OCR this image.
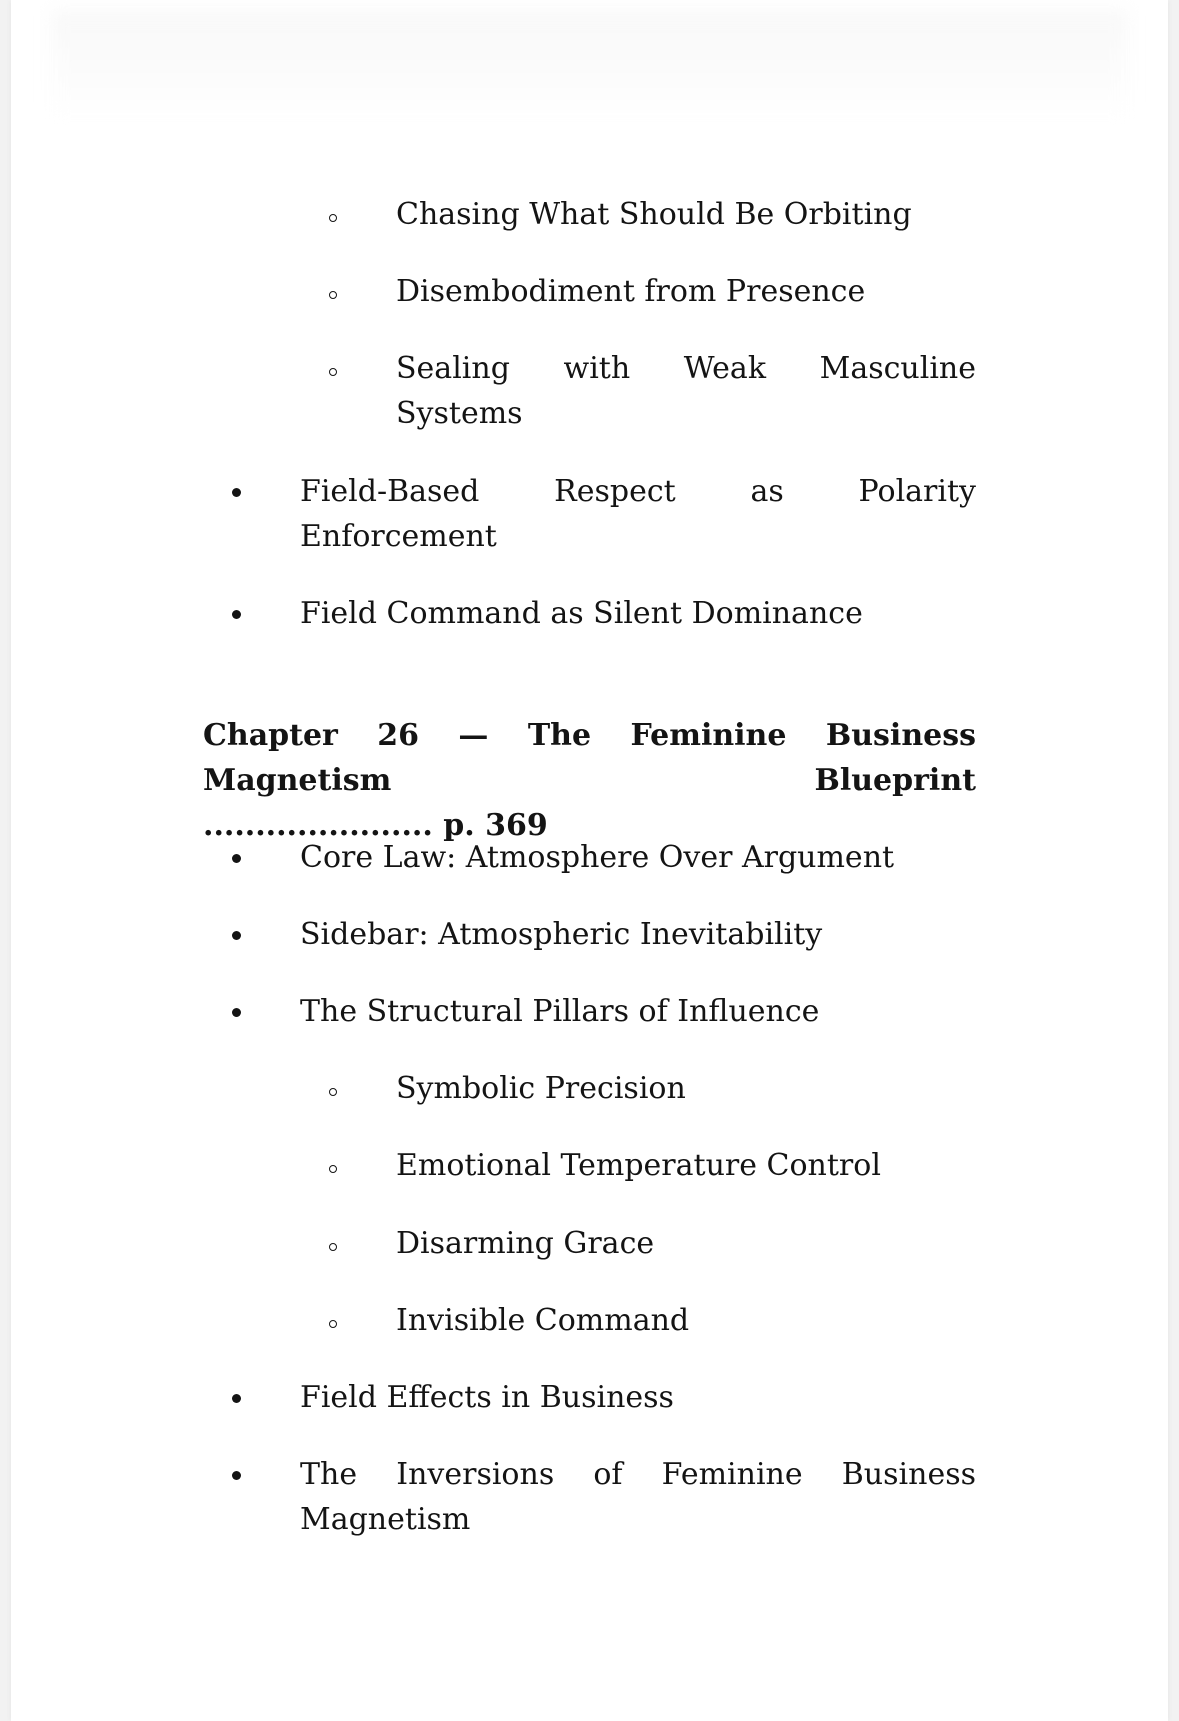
Chasing What Should Be Orbiting
Disembodiment from Presence
Sealing with Weak Masculine Systems
Field-Based Respect as Polarity Enforcement
Field Command as Silent Dominance
Chapter 26 — The Feminine Business Magnetism Blueprint
...................... p. 369
Core Law: Atmosphere Over Argument
Sidebar: Atmospheric Inevitability
The Structural Pillars of Influence
Symbolic Precision
Emotional Temperature Control
Disarming Grace
Invisible Command
Field Effects in Business
The Inversions of Feminine Business Magnetism
